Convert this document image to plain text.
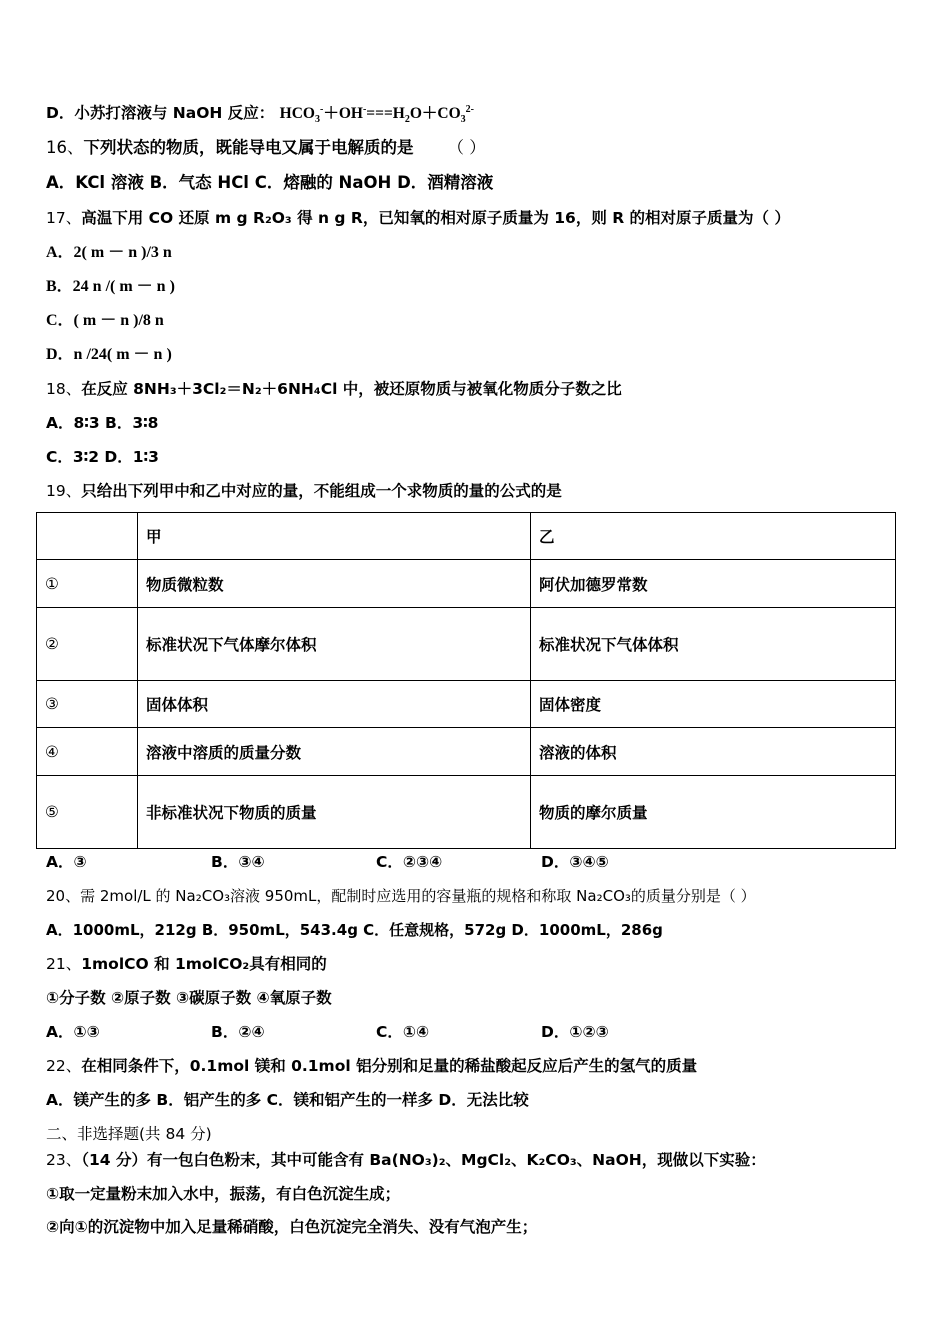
D．小苏打溶液与 NaOH 反应： $HCO_3^-+OH^-===H_2O+CO_3^{2-}$
16、下列状态的物质，既能导电又属于电解质的是 （ ）
A．KCl 溶液 B．气态 HCl C．熔融的 NaOH D．酒精溶液
17、高温下用 CO 还原 m g R₂O₃ 得 n g R，已知氧的相对原子质量为 16，则 R 的相对原子质量为（ ）
A．2( m － n )/3 n
B．24 n /( m － n )
C．( m － n )/8 n
D．n /24( m － n )
18、在反应 8NH₃＋3Cl₂＝N₂＋6NH₄Cl 中，被还原物质与被氧化物质分子数之比
A．8∶3 B．3∶8
C．3∶2 D．1∶3
19、只给出下列甲中和乙中对应的量，不能组成一个求物质的量的公式的是
	甲	乙
①	物质微粒数	阿伏加德罗常数
②	标准状况下气体摩尔体积	标准状况下气体体积
③	固体体积	固体密度
④	溶液中溶质的质量分数	溶液的体积
⑤	非标准状况下物质的质量	物质的摩尔质量
A．③	B．③④	C．②③④	D．③④⑤
20、需 2mol/L 的 Na₂CO₃溶液 950mL，配制时应选用的容量瓶的规格和称取 Na₂CO₃的质量分别是（ ）
A．1000mL，212g B．950mL，543.4g C．任意规格，572g D．1000mL，286g
21、1molCO 和 1molCO₂具有相同的
①分子数 ②原子数 ③碳原子数 ④氧原子数
A．①③	B．②④	C．①④	D．①②③
22、在相同条件下，0.1mol 镁和 0.1mol 铝分别和足量的稀盐酸起反应后产生的氢气的质量
A．镁产生的多 B．铝产生的多 C．镁和铝产生的一样多 D．无法比较
二、非选择题(共 84 分)
23、（14 分）有一包白色粉末，其中可能含有 Ba(NO₃)₂、MgCl₂、K₂CO₃、NaOH，现做以下实验：
①取一定量粉末加入水中，振荡，有白色沉淀生成；
②向①的沉淀物中加入足量稀硝酸，白色沉淀完全消失、没有气泡产生；
